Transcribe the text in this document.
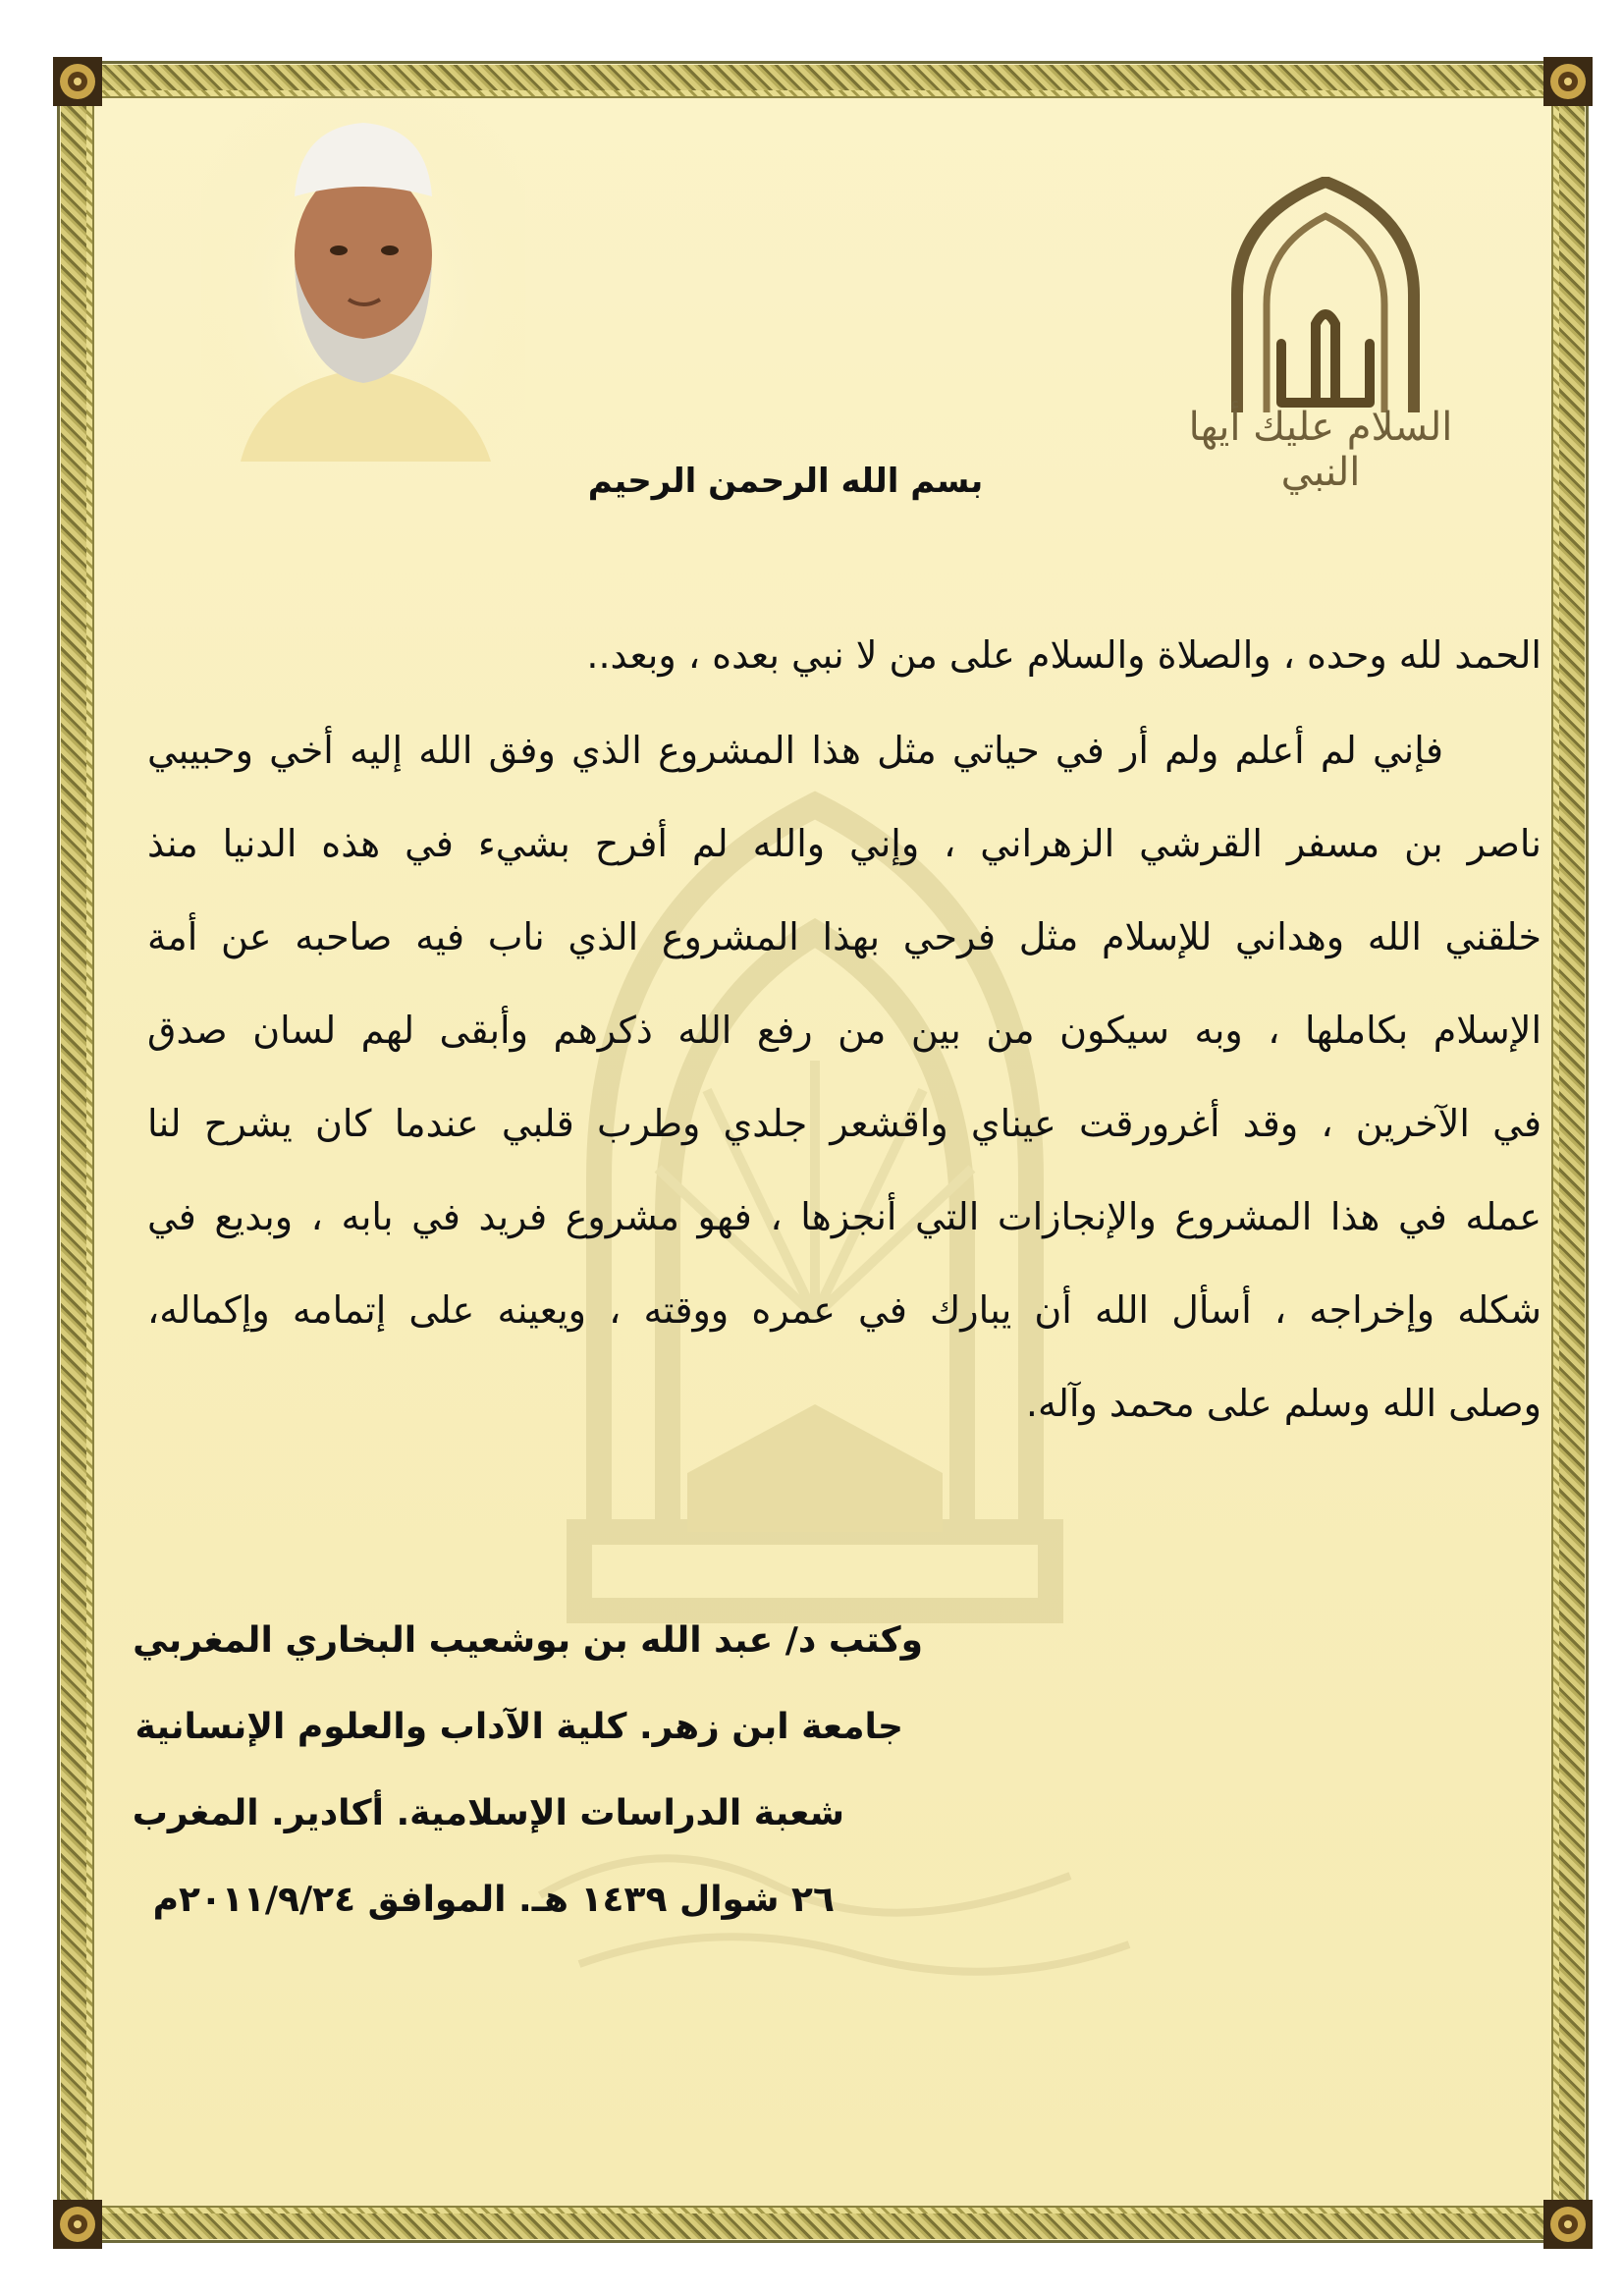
السلام عليك أيها النبي
بسم الله الرحمن الرحيم
الحمد لله وحده ، والصلاة والسلام على من لا نبي بعده ، وبعد..
فإني لم أعلم ولم أر في حياتي مثل هذا المشروع الذي وفق الله إليه أخي وحبيبي
ناصر بن مسفر القرشي الزهراني ، وإني والله لم أفرح بشيء في هذه الدنيا منذ
خلقني الله وهداني للإسلام مثل فرحي بهذا المشروع الذي ناب فيه صاحبه عن أمة
الإسلام بكاملها ، وبه سيكون من بين من رفع الله ذكرهم وأبقى لهم لسان صدق
في الآخرين ، وقد أغرورقت عيناي واقشعر جلدي وطرب قلبي عندما كان يشرح لنا
عمله في هذا المشروع والإنجازات التي أنجزها ، فهو مشروع فريد في بابه ، وبديع في
شكله وإخراجه ، أسأل الله أن يبارك في عمره ووقته ، ويعينه على إتمامه وإكماله،
وصلى الله وسلم على محمد وآله.
وكتب د/ عبد الله بن بوشعيب البخاري المغربي
جامعة ابن زهر. كلية الآداب والعلوم الإنسانية
شعبة الدراسات الإسلامية. أكادير. المغرب
٢٦ شوال ١٤٣٩ هـ. الموافق ٢٠١١/٩/٢٤م
